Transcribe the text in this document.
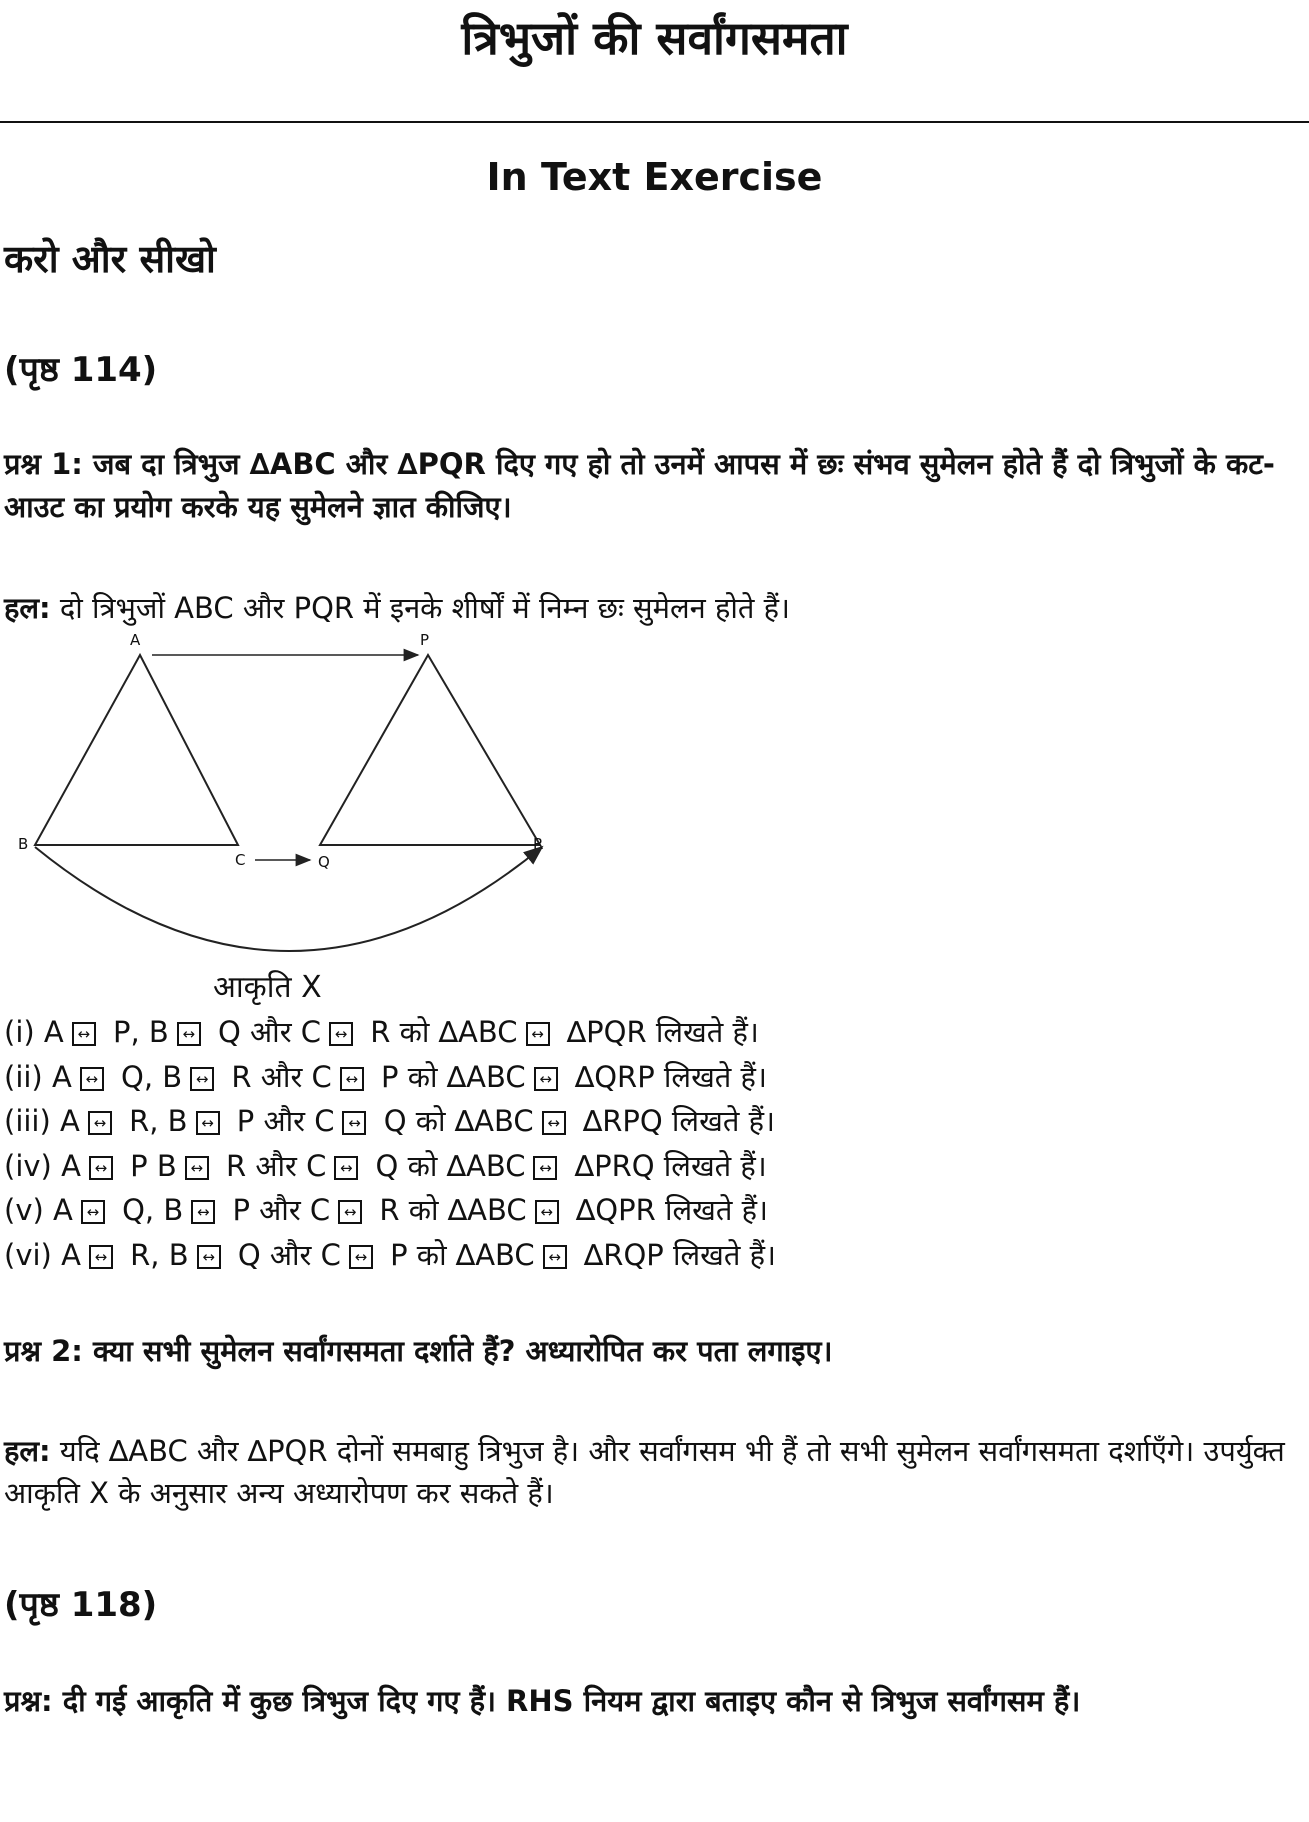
त्रिभुजों की सर्वांगसमता
In Text Exercise
करो और सीखो
(पृष्ठ 114)
प्रश्न 1: जब दा त्रिभुज ∆ABC और ∆PQR दिए गए हो तो उनमें आपस में छः संभव सुमेलन होते हैं दो त्रिभुजों के कट-आउट का प्रयोग करके यह सुमेलने ज्ञात कीजिए।
हल: दो त्रिभुजों ABC और PQR में इनके शीर्षों में निम्न छः सुमेलन होते हैं।
A
B
C
P
Q
R
आकृति X
(i) A ↔ P, B ↔ Q और C ↔ R को ∆ABC ↔ ∆PQR लिखते हैं।
(ii) A ↔ Q, B ↔ R और C ↔ P को ∆ABC ↔ ∆QRP लिखते हैं।
(iii) A ↔ R, B ↔ P और C ↔ Q को ∆ABC ↔ ∆RPQ लिखते हैं।
(iv) A ↔ P B ↔ R और C ↔ Q को ∆ABC ↔ ∆PRQ लिखते हैं।
(v) A ↔ Q, B ↔ P और C ↔ R को ∆ABC ↔ ∆QPR लिखते हैं।
(vi) A ↔ R, B ↔ Q और C ↔ P को ∆ABC ↔ ∆RQP लिखते हैं।
प्रश्न 2: क्या सभी सुमेलन सर्वांगसमता दर्शाते हैं? अध्यारोपित कर पता लगाइए।
हल: यदि ∆ABC और ∆PQR दोनों समबाहु त्रिभुज है। और सर्वांगसम भी हैं तो सभी सुमेलन सर्वांगसमता दर्शाएँगे। उपर्युक्त आकृति X के अनुसार अन्य अध्यारोपण कर सकते हैं।
(पृष्ठ 118)
प्रश्न: दी गई आकृति में कुछ त्रिभुज दिए गए हैं। RHS नियम द्वारा बताइए कौन से त्रिभुज सर्वांगसम हैं।
